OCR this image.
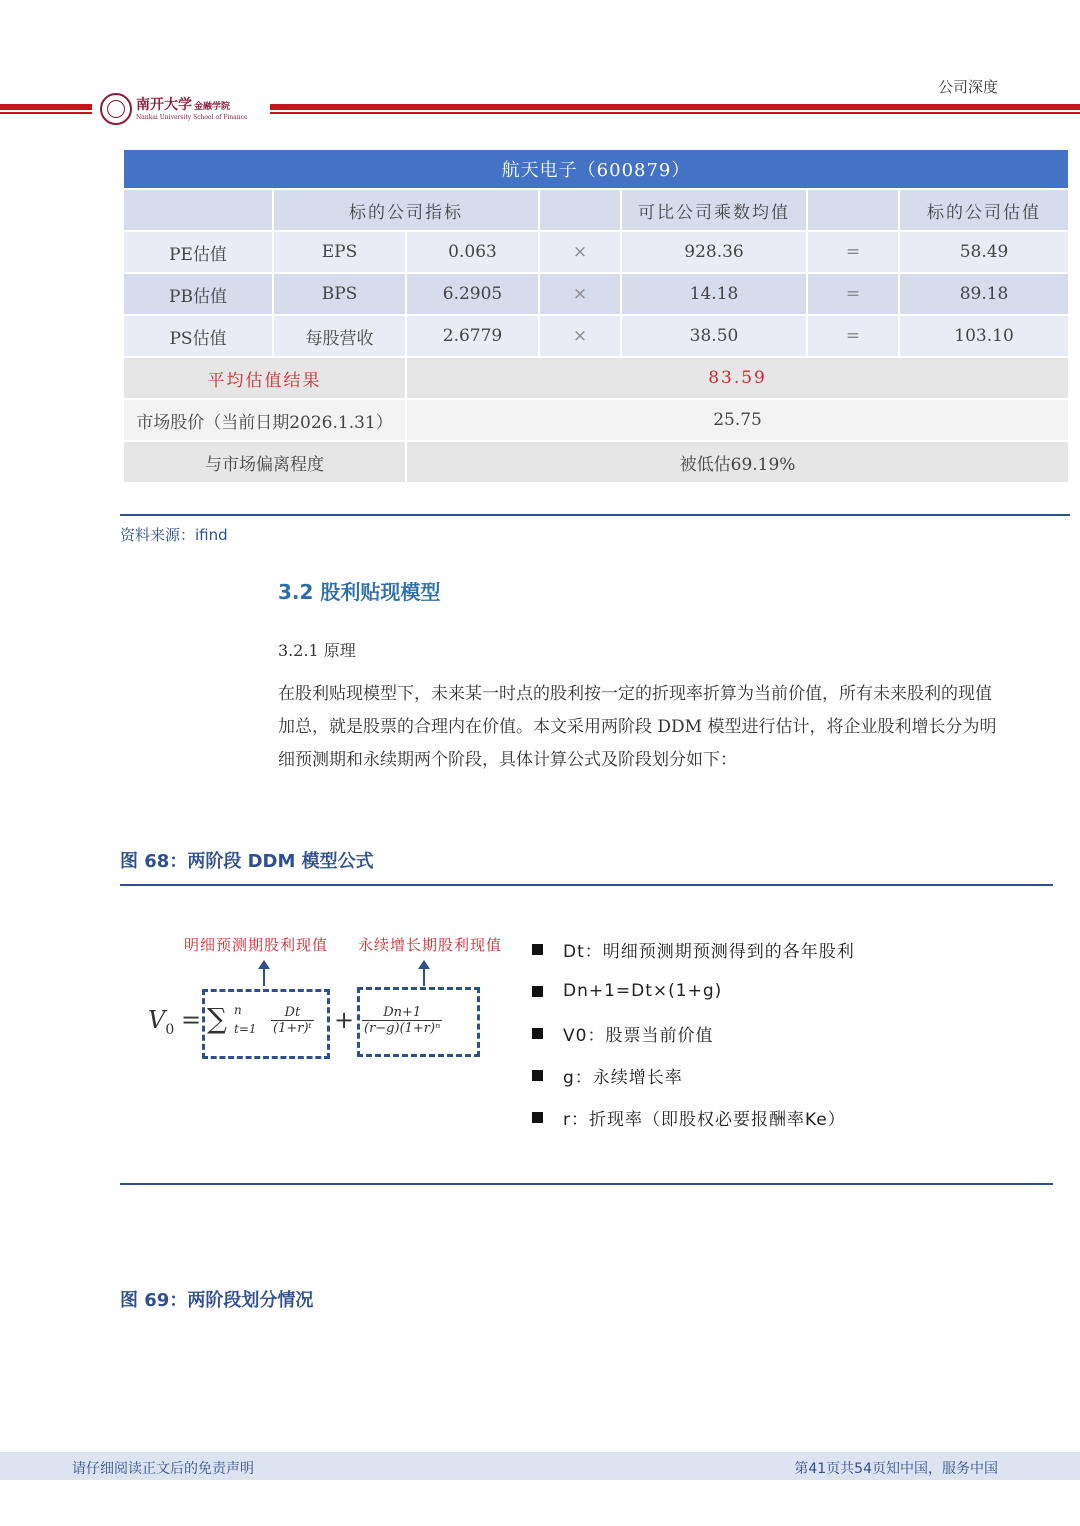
公司深度
南开大学 金融学院
Nankai University School of Finance
航天电子（600879）						
	标的公司指标			可比公司乘数均值		标的公司估值
PE估值	EPS	0.063	×	928.36	=	58.49
PB估值	BPS	6.2905	×	14.18	=	89.18
PS估值	每股营收	2.6779	×	38.50	=	103.10
平均估值结果		83.59				
市场股价（当前日期2026.1.31）		25.75				
与市场偏离程度		被低估69.19%				
资料来源：ifind
3.2 股利贴现模型
3.2.1 原理
在股利贴现模型下，未来某一时点的股利按一定的折现率折算为当前价值，所有未来股利的现值加总，就是股票的合理内在价值。本文采用两阶段 DDM 模型进行估计，将企业股利增长分为明细预测期和永续期两个阶段，具体计算公式及阶段划分如下：
图 68：两阶段 DDM 模型公式
明细预测期股利现值 永续增长期股利现值
$V_0$ = ∑ n
$t=1 \frac{Dt}{\text{(1+r)ᵗ}} + \frac{Dn+1}{\text{(r−g)(1+r)ⁿ}}$
Dt：明细预测期预测得到的各年股利
Dn+1=Dt×(1+g)
V0：股票当前价值
g：永续增长率
r：折现率（即股权必要报酬率Ke）
图 69：两阶段划分情况
请仔细阅读正文后的免责声明	第41页共54页知中国，服务中国
